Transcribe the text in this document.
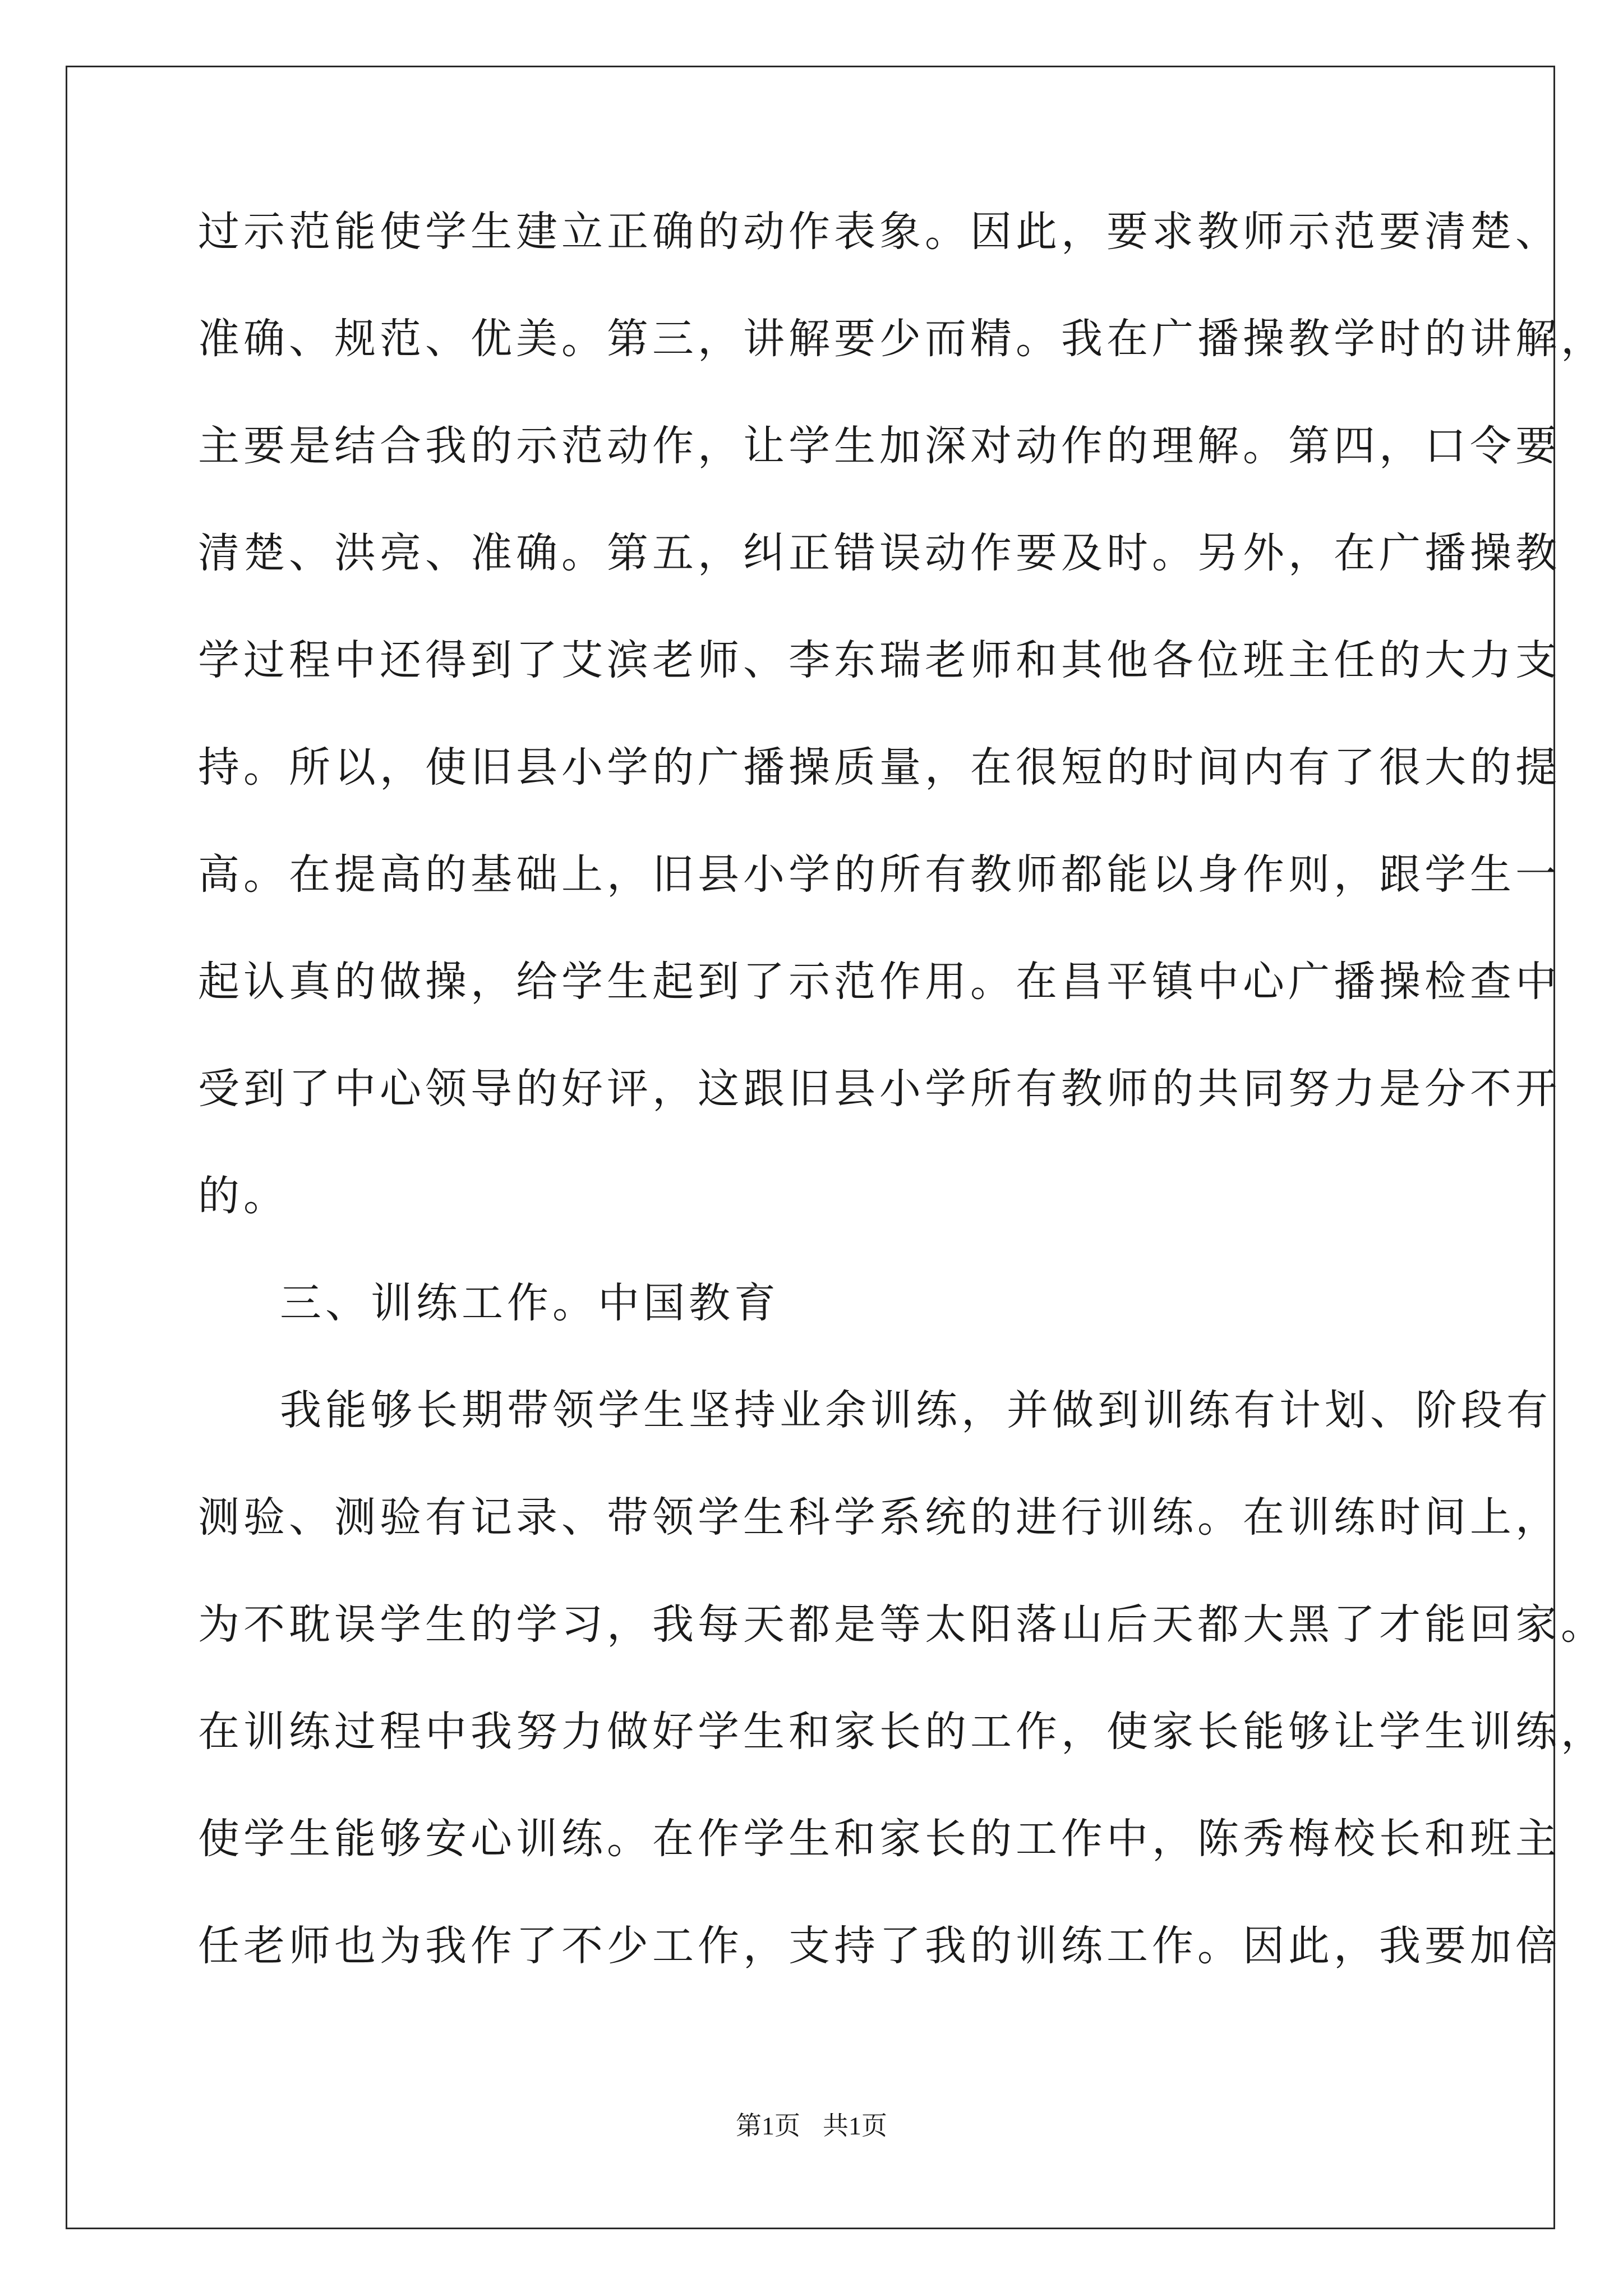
过示范能使学生建立正确的动作表象。因此，要求教师示范要清楚、
准确、规范、优美。第三，讲解要少而精。我在广播操教学时的讲解，
主要是结合我的示范动作，让学生加深对动作的理解。第四，口令要
清楚、洪亮、准确。第五，纠正错误动作要及时。另外，在广播操教
学过程中还得到了艾滨老师、李东瑞老师和其他各位班主任的大力支
持。所以，使旧县小学的广播操质量，在很短的时间内有了很大的提
高。在提高的基础上，旧县小学的所有教师都能以身作则，跟学生一
起认真的做操，给学生起到了示范作用。在昌平镇中心广播操检查中
受到了中心领导的好评，这跟旧县小学所有教师的共同努力是分不开
的。
三、训练工作。中国教育
我能够长期带领学生坚持业余训练，并做到训练有计划、阶段有
测验、测验有记录、带领学生科学系统的进行训练。在训练时间上，
为不耽误学生的学习，我每天都是等太阳落山后天都大黑了才能回家。
在训练过程中我努力做好学生和家长的工作，使家长能够让学生训练，
使学生能够安心训练。在作学生和家长的工作中，陈秀梅校长和班主
任老师也为我作了不少工作，支持了我的训练工作。因此，我要加倍
第1页 共1页
